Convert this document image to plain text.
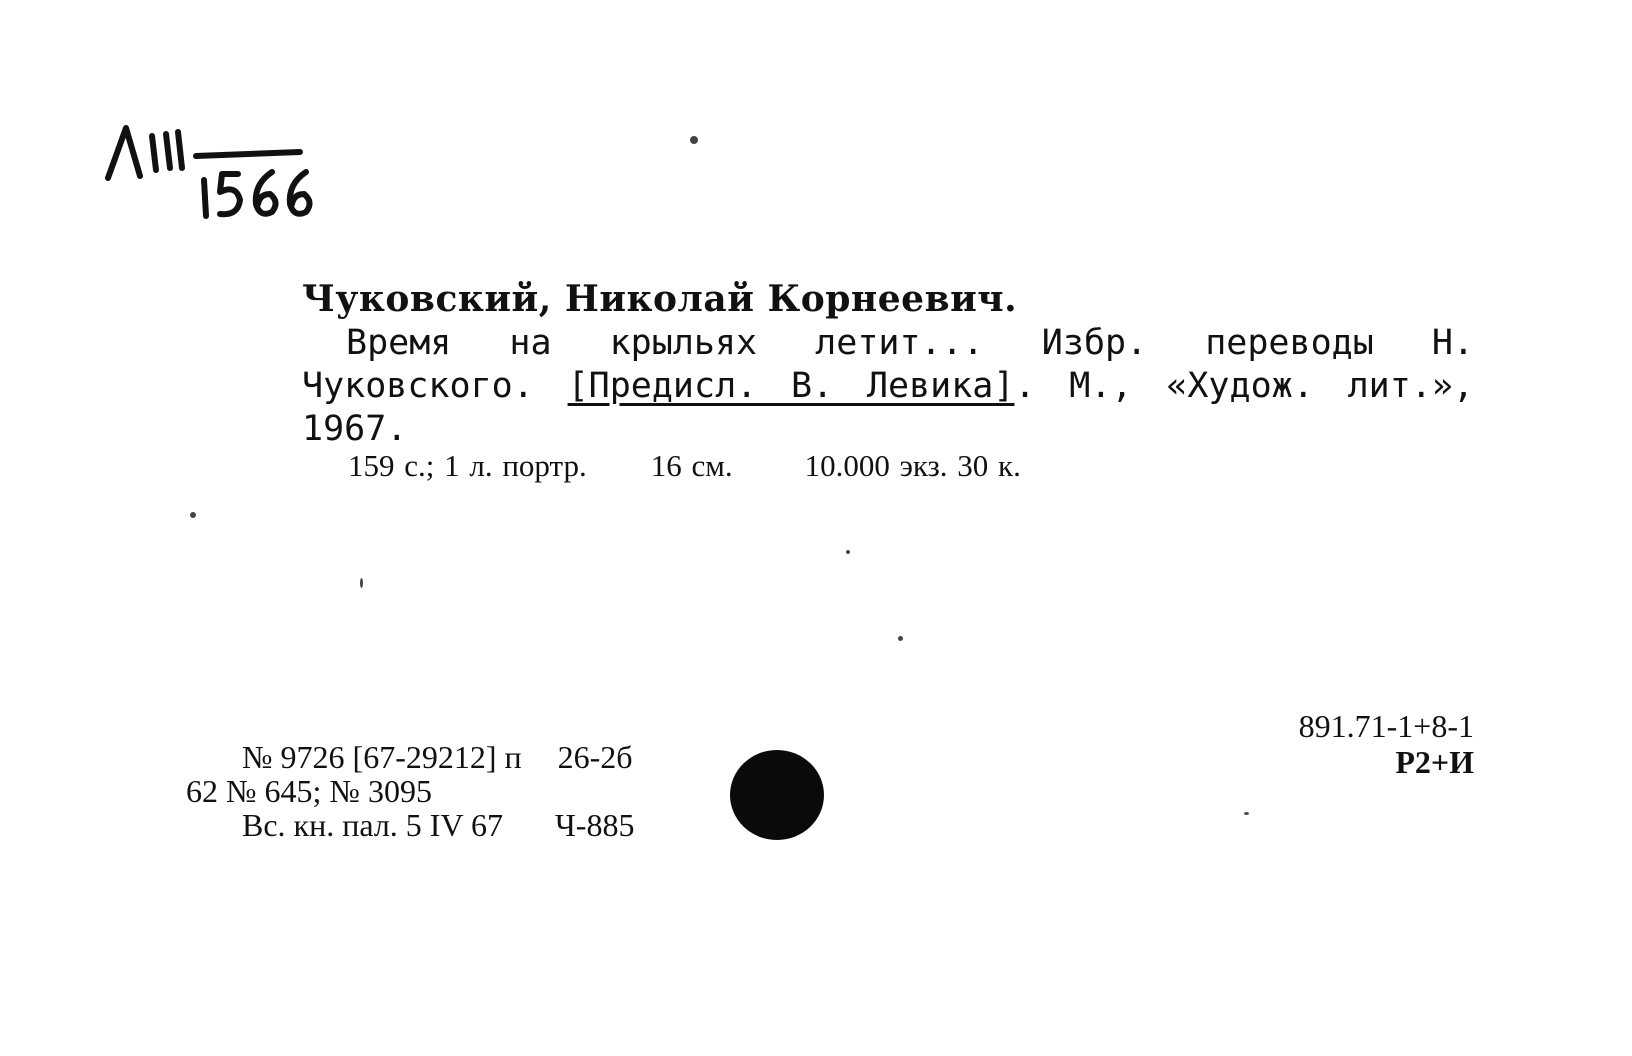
Чуковский, Николай Корнеевич.
Время на крыльях летит... Избр. переводы Н. Чуковского. [Предисл. В. Левика]. М., «Худож. лит.», 1967.
159 с.; 1 л. портр. 16 см. 10.000 экз. 30 к.
891.71-1+8-1
Р2+И
№ 9726 [67-29212] п 26-2б
62 № 645; № 3095
Вс. кн. пал. 5 IV 67 Ч-885
